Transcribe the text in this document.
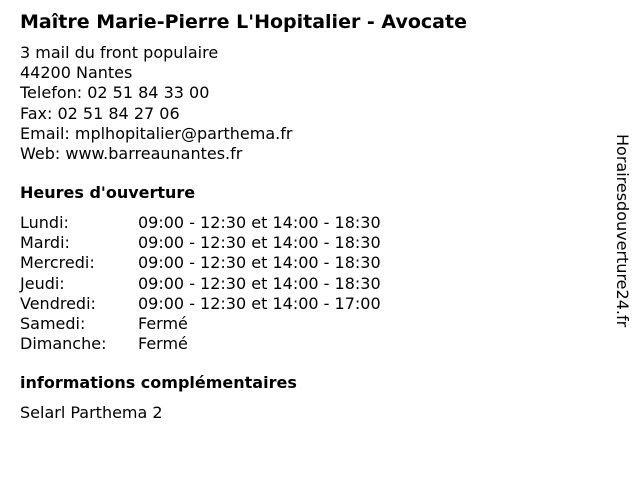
Maître Marie-Pierre L'Hopitalier - Avocate
3 mail du front populaire
44200 Nantes
Telefon: 02 51 84 33 00
Fax: 02 51 84 27 06
Email: mplhopitalier@parthema.fr
Web: www.barreaunantes.fr
Heures d'ouverture
Lundi:	09:00 - 12:30 et 14:00 - 18:30
Mardi:	09:00 - 12:30 et 14:00 - 18:30
Mercredi:	09:00 - 12:30 et 14:00 - 18:30
Jeudi:	09:00 - 12:30 et 14:00 - 18:30
Vendredi:	09:00 - 12:30 et 14:00 - 17:00
Samedi:	Fermé
Dimanche:	Fermé
informations complémentaires
Selarl Parthema 2
Horairesdouverture24.fr
